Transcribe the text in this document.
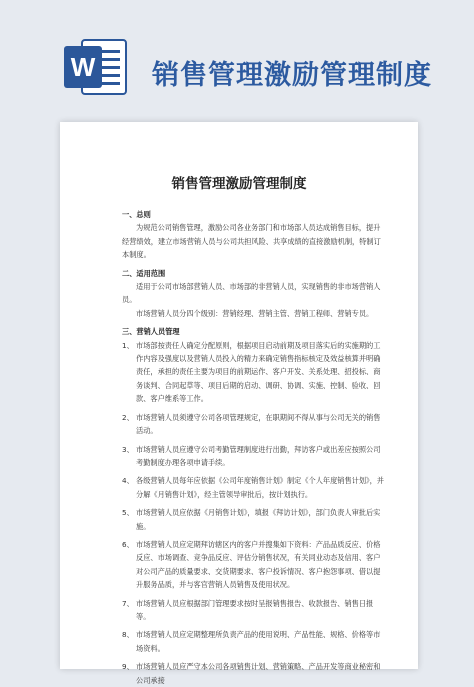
W 销售管理激励管理制度
销售管理激励管理制度
一、总则
为规范公司销售管理，激励公司各业务部门和市场部人员达成销售目标，提升经营绩效，建立市场营销人员与公司共担风险、共享成绩的直接激励机制，特制订本制度。
二、适用范围
适用于公司市场部营销人员、市场部的非营销人员，实现销售的非市场营销人员。
市场营销人员分四个级别：营销经理、营销主管、营销工程师、营销专员。
三、营销人员管理
1、 市场部按责任人确定分配原则，根据项目启动前期及项目落实后的实施期的工作内容及强度以及营销人员投入的精力来确定销售指标核定及效益核算并明确责任，承担的责任主要为项目的前期运作、客户开发、关系处理、招投标、商务谈判、合同起草等、项目后期的启动、调研、协调、实施、控制、验收、回款、客户维系等工作。
2、 市场营销人员须遵守公司各项管理规定，在职期间不得从事与公司无关的销售活动。
3、 市场营销人员应遵守公司考勤管理制度进行出勤，拜访客户或出差应按照公司考勤制度办理各项申请手续。
4、 各级营销人员每年应依据《公司年度销售计划》制定《个人年度销售计划》，并分解《月销售计划》，经主管领导审批后，按计划执行。
5、 市场营销人员应依据《月销售计划》，填报《拜访计划》，部门负责人审批后实施。
6、 市场营销人员应定期拜访辖区内的客户并搜集如下资料：产品品质反应、价格反应、市场调查、竞争品反应、评估分销售状况，有关同业动态及信用、客户对公司产品的质量要求、交货期要求、客户投诉情况、客户抱怨事项、借以提升服务品质，并与客官营销人员销售及使用状况。
7、 市场营销人员应根据部门管理要求按时呈报销售报告、收款报告、销售日报等。
8、 市场营销人员应定期整理所负责产品的使用说明、产品性能、规格、价格等市场资料。
9、 市场营销人员应严守本公司各项销售计划、营销策略、产品开发等商业秘密和公司承接
